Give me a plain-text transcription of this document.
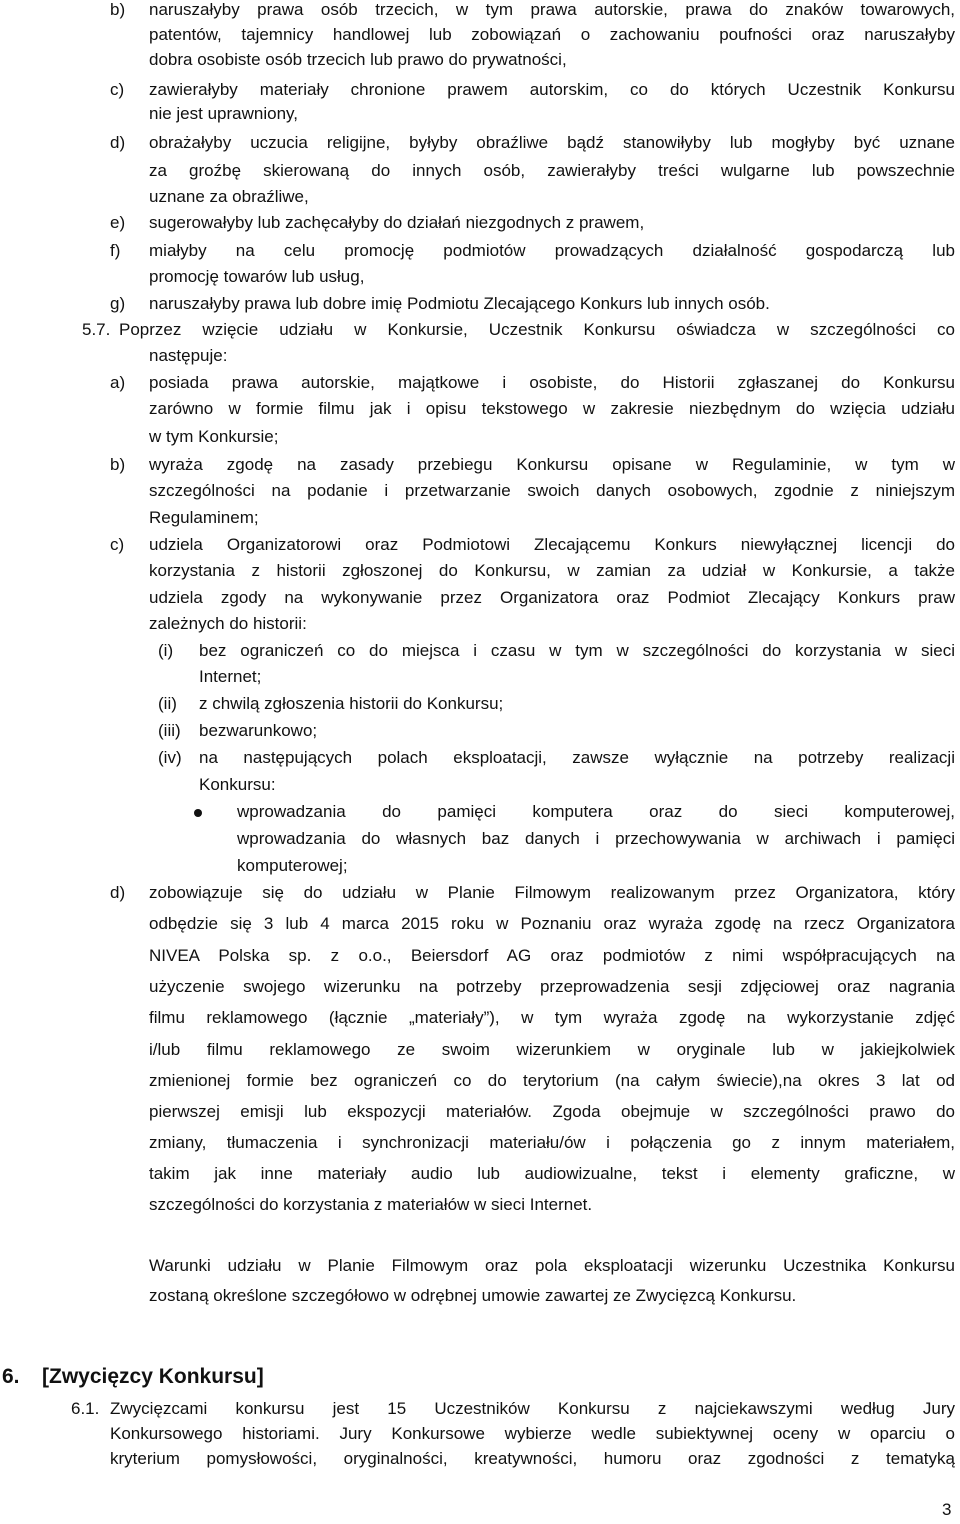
b) naruszałyby prawa osób trzecich, w tym prawa autorskie, prawa do znaków towarowych,
patentów, tajemnicy handlowej lub zobowiązań o zachowaniu poufności oraz naruszałyby
dobra osobiste osób trzecich lub prawo do prywatności,
c) zawierałyby materiały chronione prawem autorskim, co do których Uczestnik Konkursu
nie jest uprawniony,
d) obrażałyby uczucia religijne, byłyby obraźliwe bądź stanowiłyby lub mogłyby być uznane
za groźbę skierowaną do innych osób, zawierałyby treści wulgarne lub powszechnie
uznane za obraźliwe,
e) sugerowałyby lub zachęcałyby do działań niezgodnych z prawem,
f) miałyby na celu promocję podmiotów prowadzących działalność gospodarczą lub
promocję towarów lub usług,
g) naruszałyby prawa lub dobre imię Podmiotu Zlecającego Konkurs lub innych osób.
5.7. Poprzez wzięcie udziału w Konkursie, Uczestnik Konkursu oświadcza w szczególności co
następuje:
a) posiada prawa autorskie, majątkowe i osobiste, do Historii zgłaszanej do Konkursu
zarówno w formie filmu jak i opisu tekstowego w zakresie niezbędnym do wzięcia udziału
w tym Konkursie;
b) wyraża zgodę na zasady przebiegu Konkursu opisane w Regulaminie, w tym w
szczególności na podanie i przetwarzanie swoich danych osobowych, zgodnie z niniejszym
Regulaminem;
c) udziela Organizatorowi oraz Podmiotowi Zlecającemu Konkurs niewyłącznej licencji do
korzystania z historii zgłoszonej do Konkursu, w zamian za udział w Konkursie, a także
udziela zgody na wykonywanie przez Organizatora oraz Podmiot Zlecający Konkurs praw
zależnych do historii:
(i) bez ograniczeń co do miejsca i czasu w tym w szczególności do korzystania w sieci
Internet;
(ii) z chwilą zgłoszenia historii do Konkursu;
(iii) bezwarunkowo;
(iv) na następujących polach eksploatacji, zawsze wyłącznie na potrzeby realizacji
Konkursu:
wprowadzania do pamięci komputera oraz do sieci komputerowej,
wprowadzania do własnych baz danych i przechowywania w archiwach i pamięci
komputerowej;
d) zobowiązuje się do udziału w Planie Filmowym realizowanym przez Organizatora, który
odbędzie się 3 lub 4 marca 2015 roku w Poznaniu oraz wyraża zgodę na rzecz Organizatora
NIVEA Polska sp. z o.o., Beiersdorf AG oraz podmiotów z nimi współpracujących na
użyczenie swojego wizerunku na potrzeby przeprowadzenia sesji zdjęciowej oraz nagrania
filmu reklamowego (łącznie „materiały”), w tym wyraża zgodę na wykorzystanie zdjęć
i/lub filmu reklamowego ze swoim wizerunkiem w oryginale lub w jakiejkolwiek
zmienionej formie bez ograniczeń co do terytorium (na całym świecie),na okres 3 lat od
pierwszej emisji lub ekspozycji materiałów. Zgoda obejmuje w szczególności prawo do
zmiany, tłumaczenia i synchronizacji materiału/ów i połączenia go z innym materiałem,
takim jak inne materiały audio lub audiowizualne, tekst i elementy graficzne, w
szczególności do korzystania z materiałów w sieci Internet.
Warunki udziału w Planie Filmowym oraz pola eksploatacji wizerunku Uczestnika Konkursu
zostaną określone szczegółowo w odrębnej umowie zawartej ze Zwycięzcą Konkursu.
6. [Zwycięzcy Konkursu]
6.1. Zwycięzcami konkursu jest 15 Uczestników Konkursu z najciekawszymi według Jury
Konkursowego historiami. Jury Konkursowe wybierze wedle subiektywnej oceny w oparciu o
kryterium pomysłowości, oryginalności, kreatywności, humoru oraz zgodności z tematyką
3
